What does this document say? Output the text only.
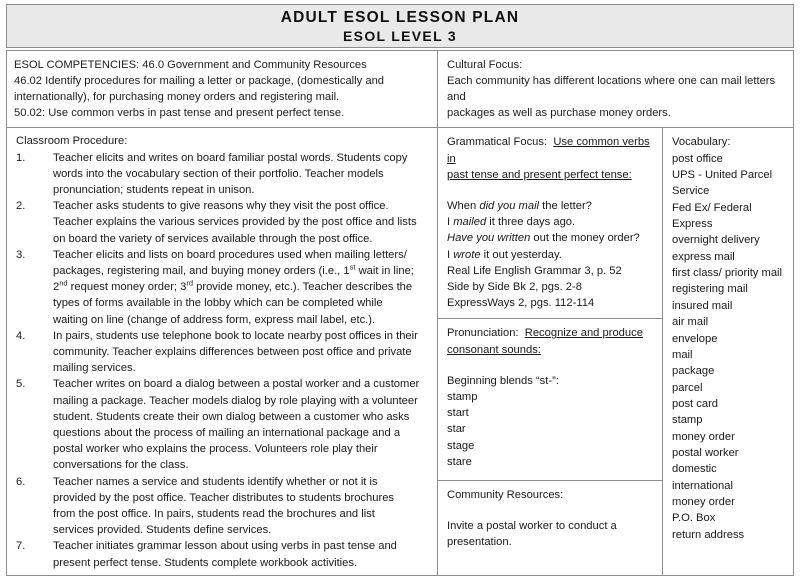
ADULT ESOL LESSON PLAN
ESOL LEVEL 3
ESOL COMPETENCIES: 46.0 Government and Community Resources
46.02 Identify procedures for mailing a letter or package, (domestically and
internationally), for purchasing money orders and registering mail.
50.02: Use common verbs in past tense and present perfect tense.
Cultural Focus:
Each community has different locations where one can mail letters and
packages as well as purchase money orders.
Classroom Procedure:
1.	Teacher elicits and writes on board familiar postal words. Students copy
words into the vocabulary section of their portfolio. Teacher models
pronunciation; students repeat in unison.
2.	Teacher asks students to give reasons why they visit the post office.
Teacher explains the various services provided by the post office and lists
on board the variety of services available through the post office.
3.	Teacher elicits and lists on board procedures used when mailing letters/
packages, registering mail, and buying money orders (i.e., 1st wait in line;
2nd request money order; 3rd provide money, etc.). Teacher describes the
types of forms available in the lobby which can be completed while
waiting on line (change of address form, express mail label, etc.).
4.	In pairs, students use telephone book to locate nearby post offices in their
community. Teacher explains differences between post office and private
mailing services.
5.	Teacher writes on board a dialog between a postal worker and a customer
mailing a package. Teacher models dialog by role playing with a volunteer
student. Students create their own dialog between a customer who asks
questions about the process of mailing an international package and a
postal worker who explains the process. Volunteers role play their
conversations for the class.
6.	Teacher names a service and students identify whether or not it is
provided by the post office. Teacher distributes to students brochures
from the post office. In pairs, students read the brochures and list
services provided. Students define services.
7.	Teacher initiates grammar lesson about using verbs in past tense and
present perfect tense. Students complete workbook activities.
Grammatical Focus: Use common verbs in
past tense and present perfect tense:
When did you mail the letter?
I mailed it three days ago.
Have you written out the money order?
I wrote it out yesterday.
Real Life English Grammar 3, p. 52
Side by Side Bk 2, pgs. 2-8
ExpressWays 2, pgs. 112-114
Pronunciation: Recognize and produce
consonant sounds:
Beginning blends “st-”:
stamp
start
star
stage
stare
Community Resources:
Invite a postal worker to conduct a
presentation.
Vocabulary:
post office
UPS - United Parcel
Service
Fed Ex/ Federal Express
overnight delivery
express mail
first class/ priority mail
registering mail
insured mail
air mail
envelope
mail
package
parcel
post card
stamp
money order
postal worker
domestic
international
money order
P.O. Box
return address
